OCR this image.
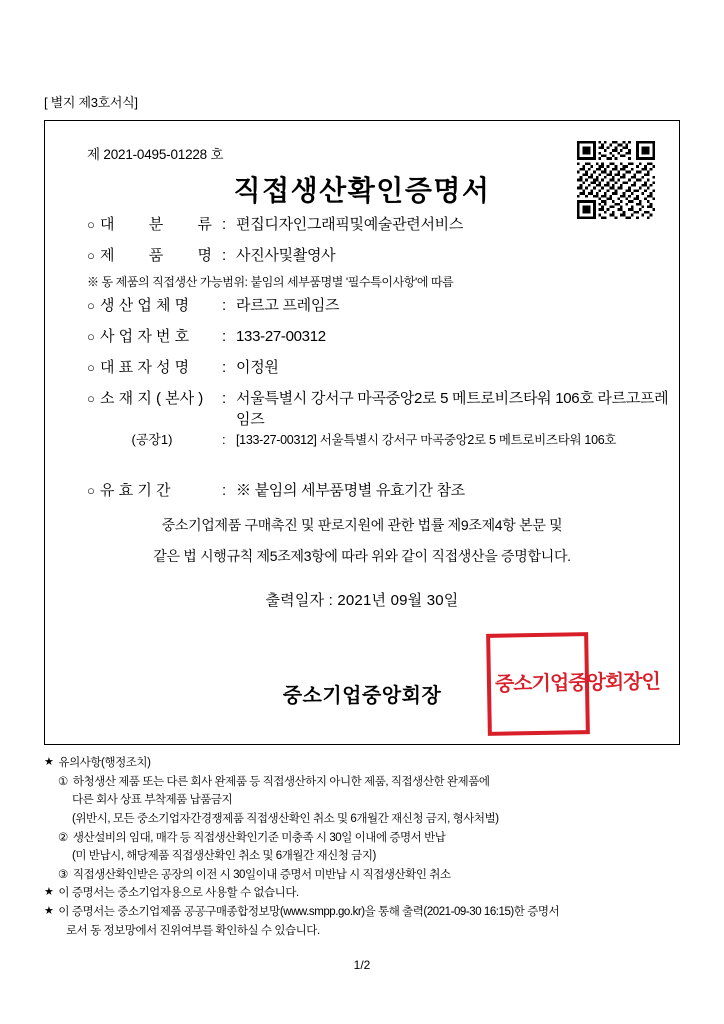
[ 별지 제3호서식]
제 2021-0495-01228 호
직접생산확인증명서
○ 대 분 류 : 편집디자인그래픽및예술관련서비스
○ 제 품 명 : 사진사및촬영사
※ 동 제품의 직접생산 가능범위: 붙임의 세부품명별 '필수특이사항'에 따름
○ 생 산 업 체 명	: 라르고 프레임즈
○ 사 업 자 번 호	: 133-27-00312
○ 대 표 자 성 명	: 이정원
○ 소 재 지 ( 본사 )	: 서울특별시 강서구 마곡중앙2로 5 메트로비즈타워 106호 라르고프레임즈
(공장1)	: [133-27-00312] 서울특별시 강서구 마곡중앙2로 5 메트로비즈타워 106호
○ 유 효 기 간	: ※ 붙임의 세부품명별 유효기간 참조
중소기업제품 구매촉진 및 판로지원에 관한 법률 제9조제4항 본문 및
같은 법 시행규칙 제5조제3항에 따라 위와 같이 직접생산을 증명합니다.
출력일자 : 2021년 09월 30일
중소기업중앙회장
중소기업중앙회장인
★ 유의사항(행정조치)
① 하청생산 제품 또는 다른 회사 완제품 등 직접생산하지 아니한 제품, 직접생산한 완제품에
다른 회사 상표 부착제품 납품금지
(위반시, 모든 중소기업자간경쟁제품 직접생산확인 취소 및 6개월간 재신청 금지, 형사처벌)
② 생산설비의 임대, 매각 등 직접생산확인기준 미충족 시 30일 이내에 증명서 반납
(미 반납시, 해당제품 직접생산확인 취소 및 6개월간 재신청 금지)
③ 직접생산확인받은 공장의 이전 시 30일이내 증명서 미반납 시 직접생산확인 취소
★ 이 증명서는 중소기업자용으로 사용할 수 없습니다.
★ 이 증명서는 중소기업제품 공공구매종합정보망(www.smpp.go.kr)을 통해 출력(2021-09-30 16:15)한 증명서
로서 동 정보망에서 진위여부를 확인하실 수 있습니다.
1/2
